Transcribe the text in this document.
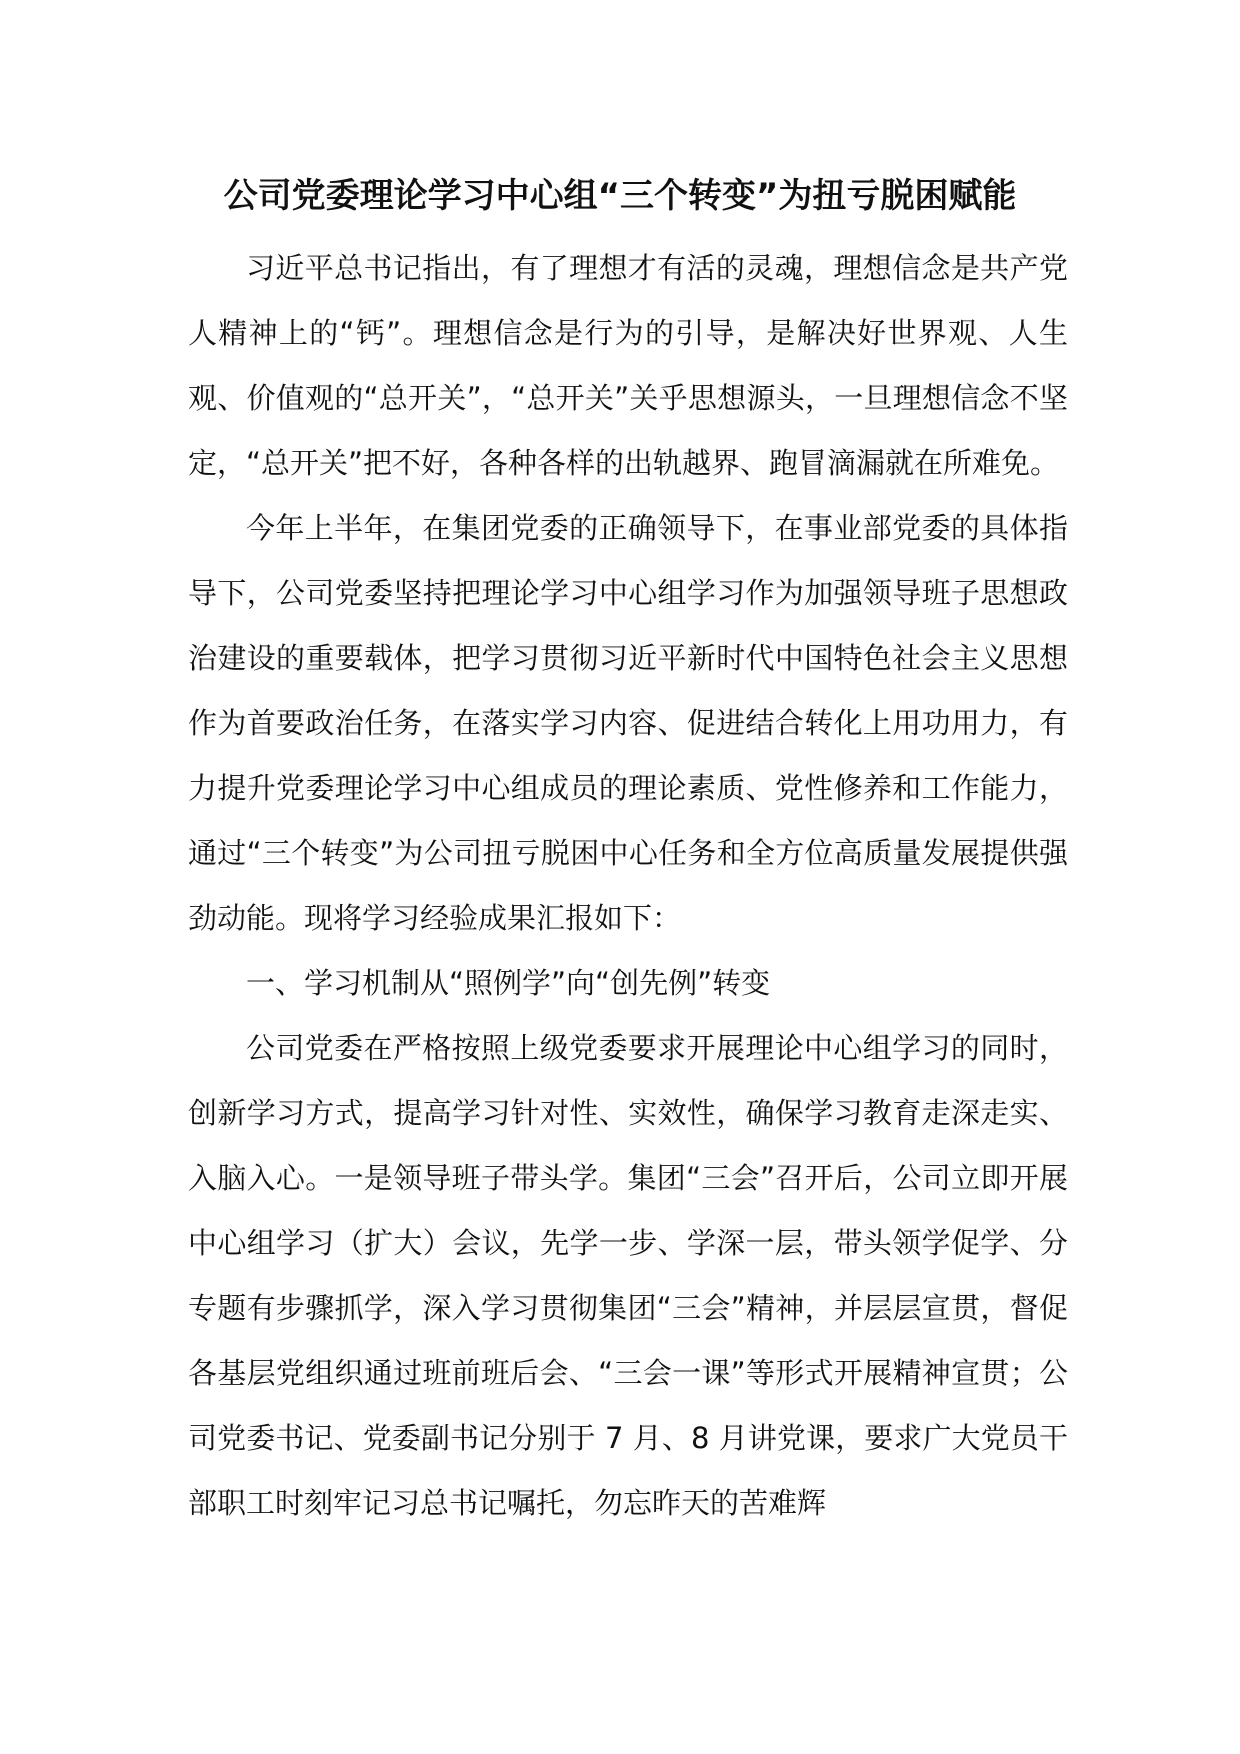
公司党委理论学习中心组“三个转变”为扭亏脱困赋能

习近平总书记指出，有了理想才有活的灵魂，理想信念是共产党人精神上的“钙”。理想信念是行为的引导，是解决好世界观、人生观、价值观的“总开关”，“总开关”关乎思想源头，一旦理想信念不坚定，“总开关”把不好，各种各样的出轨越界、跑冒滴漏就在所难免。

今年上半年，在集团党委的正确领导下，在事业部党委的具体指导下，公司党委坚持把理论学习中心组学习作为加强领导班子思想政治建设的重要载体，把学习贯彻习近平新时代中国特色社会主义思想作为首要政治任务，在落实学习内容、促进结合转化上用功用力，有力提升党委理论学习中心组成员的理论素质、党性修养和工作能力，通过“三个转变”为公司扭亏脱困中心任务和全方位高质量发展提供强劲动能。现将学习经验成果汇报如下：

一、学习机制从“照例学”向“创先例”转变

公司党委在严格按照上级党委要求开展理论中心组学习的同时，创新学习方式，提高学习针对性、实效性，确保学习教育走深走实、入脑入心。一是领导班子带头学。集团“三会”召开后，公司立即开展中心组学习（扩大）会议，先学一步、学深一层，带头领学促学、分专题有步骤抓学，深入学习贯彻集团“三会”精神，并层层宣贯，督促各基层党组织通过班前班后会、“三会一课”等形式开展精神宣贯；公司党委书记、党委副书记分别于 7 月、8 月讲党课，要求广大党员干部职工时刻牢记习总书记嘱托，勿忘昨天的苦难辉
